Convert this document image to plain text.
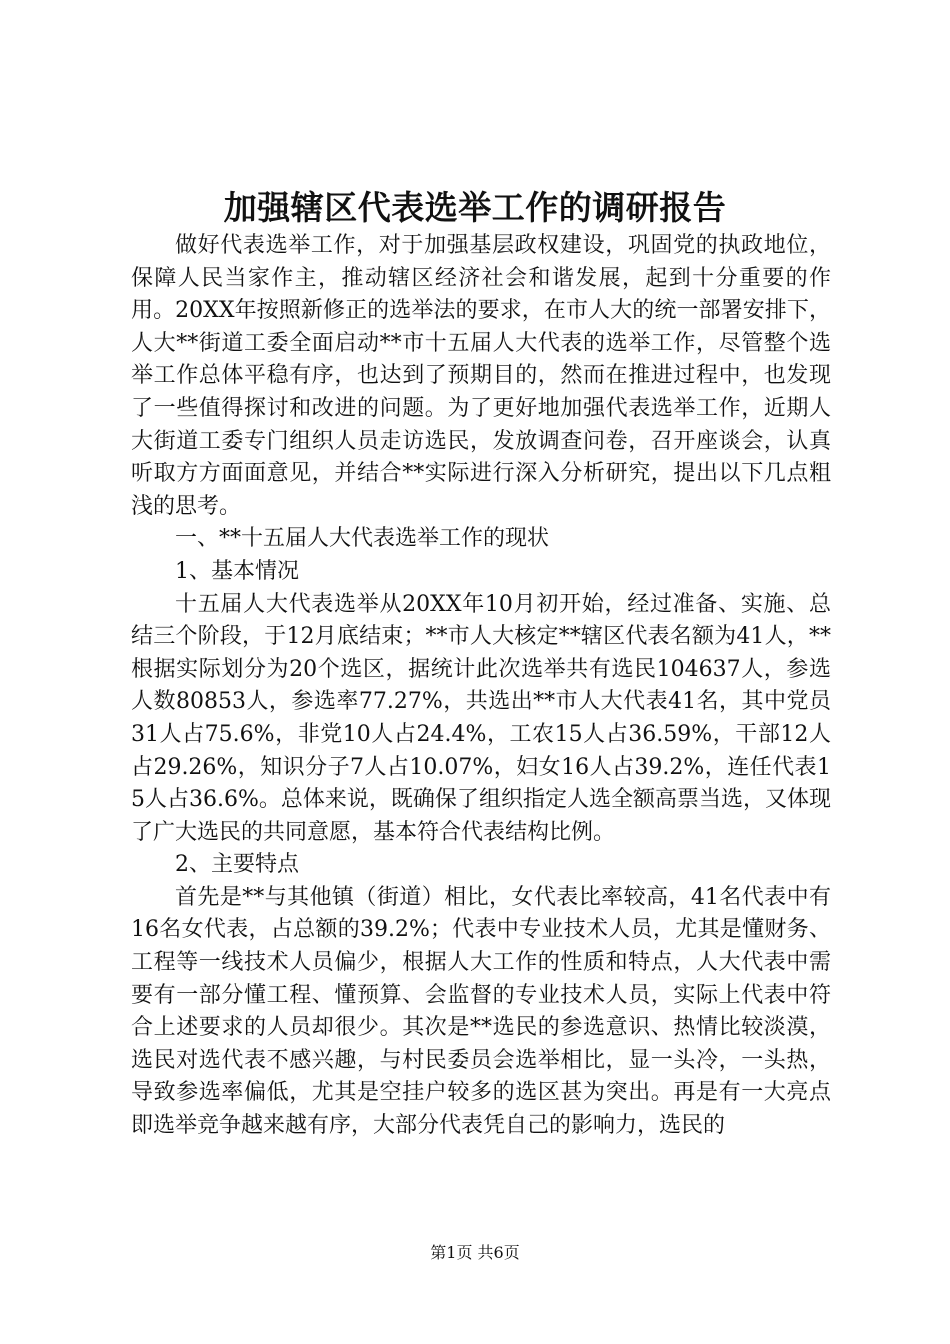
加强辖区代表选举工作的调研报告

做好代表选举工作，对于加强基层政权建设，巩固党的执政地位，保障人民当家作主，推动辖区经济社会和谐发展，起到十分重要的作用。20XX年按照新修正的选举法的要求，在市人大的统一部署安排下，人大**街道工委全面启动**市十五届人大代表的选举工作，尽管整个选举工作总体平稳有序，也达到了预期目的，然而在推进过程中，也发现了一些值得探讨和改进的问题。为了更好地加强代表选举工作，近期人大街道工委专门组织人员走访选民，发放调查问卷，召开座谈会，认真听取方方面面意见，并结合**实际进行深入分析研究，提出以下几点粗浅的思考。

一、**十五届人大代表选举工作的现状

1、基本情况

十五届人大代表选举从20XX年10月初开始，经过准备、实施、总结三个阶段，于12月底结束；**市人大核定**辖区代表名额为41人，**根据实际划分为20个选区，据统计此次选举共有选民104637人，参选人数80853人，参选率77.27%，共选出**市人大代表41名，其中党员31人占75.6%，非党10人占24.4%，工农15人占36.59%，干部12人占29.26%，知识分子7人占10.07%，妇女16人占39.2%，连任代表15人占36.6%。总体来说，既确保了组织指定人选全额高票当选，又体现了广大选民的共同意愿，基本符合代表结构比例。

2、主要特点

首先是**与其他镇（街道）相比，女代表比率较高，41名代表中有16名女代表，占总额的39.2%；代表中专业技术人员，尤其是懂财务、工程等一线技术人员偏少，根据人大工作的性质和特点，人大代表中需要有一部分懂工程、懂预算、会监督的专业技术人员，实际上代表中符合上述要求的人员却很少。其次是**选民的参选意识、热情比较淡漠，选民对选代表不感兴趣，与村民委员会选举相比，显一头冷，一头热，导致参选率偏低，尤其是空挂户较多的选区甚为突出。再是有一大亮点即选举竞争越来越有序，大部分代表凭自己的影响力，选民的

第1页 共6页
